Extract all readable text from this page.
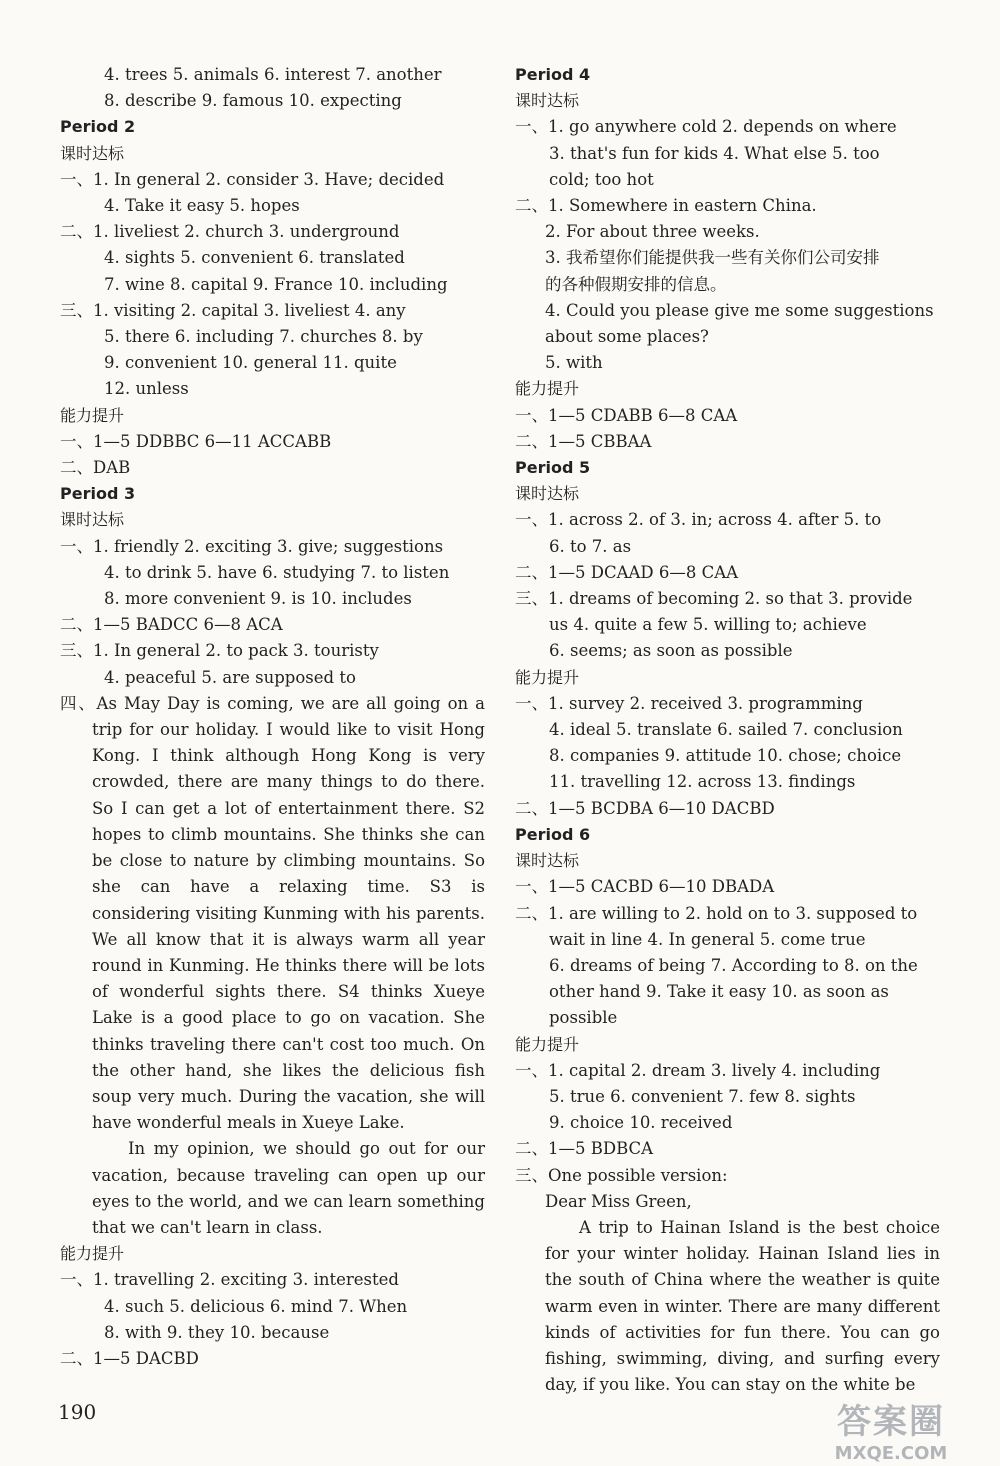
4. trees 5. animals 6. interest 7. another
8. describe 9. famous 10. expecting
Period 2
课时达标
一、1. In general 2. consider 3. Have; decided
4. Take it easy 5. hopes
二、1. liveliest 2. church 3. underground
4. sights 5. convenient 6. translated
7. wine 8. capital 9. France 10. including
三、1. visiting 2. capital 3. liveliest 4. any
5. there 6. including 7. churches 8. by
9. convenient 10. general 11. quite
12. unless
能力提升
一、1—5 DDBBC 6—11 ACCABB
二、DAB
Period 3
课时达标
一、1. friendly 2. exciting 3. give; suggestions
4. to drink 5. have 6. studying 7. to listen
8. more convenient 9. is 10. includes
二、1—5 BADCC 6—8 ACA
三、1. In general 2. to pack 3. touristy
4. peaceful 5. are supposed to
四、As May Day is coming, we are all going on a trip for our holiday. I would like to visit Hong Kong. I think although Hong Kong is very crowded, there are many things to do there. So I can get a lot of entertainment there. S2 hopes to climb mountains. She thinks she can be close to nature by climbing mountains. So she can have a relaxing time. S3 is considering visiting Kunming with his parents. We all know that it is always warm all year round in Kunming. He thinks there will be lots of wonderful sights there. S4 thinks Xueye Lake is a good place to go on vacation. She thinks traveling there can't cost too much. On the other hand, she likes the delicious fish soup very much. During the vacation, she will have wonderful meals in Xueye Lake.
In my opinion, we should go out for our vacation, because traveling can open up our eyes to the world, and we can learn something that we can't learn in class.
能力提升
一、1. travelling 2. exciting 3. interested
4. such 5. delicious 6. mind 7. When
8. with 9. they 10. because
二、1—5 DACBD
Period 4
课时达标
一、1. go anywhere cold 2. depends on where
3. that's fun for kids 4. What else 5. too
cold; too hot
二、1. Somewhere in eastern China.
2. For about three weeks.
3. 我希望你们能提供我一些有关你们公司安排
的各种假期安排的信息。
4. Could you please give me some suggestions
about some places?
5. with
能力提升
一、1—5 CDABB 6—8 CAA
二、1—5 CBBAA
Period 5
课时达标
一、1. across 2. of 3. in; across 4. after 5. to
6. to 7. as
二、1—5 DCAAD 6—8 CAA
三、1. dreams of becoming 2. so that 3. provide
us 4. quite a few 5. willing to; achieve
6. seems; as soon as possible
能力提升
一、1. survey 2. received 3. programming
4. ideal 5. translate 6. sailed 7. conclusion
8. companies 9. attitude 10. chose; choice
11. travelling 12. across 13. findings
二、1—5 BCDBA 6—10 DACBD
Period 6
课时达标
一、1—5 CACBD 6—10 DBADA
二、1. are willing to 2. hold on to 3. supposed to
wait in line 4. In general 5. come true
6. dreams of being 7. According to 8. on the
other hand 9. Take it easy 10. as soon as
possible
能力提升
一、1. capital 2. dream 3. lively 4. including
5. true 6. convenient 7. few 8. sights
9. choice 10. received
二、1—5 BDBCA
三、One possible version:
Dear Miss Green,
A trip to Hainan Island is the best choice for your winter holiday. Hainan Island lies in the south of China where the weather is quite warm even in winter. There are many different kinds of activities for fun there. You can go fishing, swimming, diving, and surfing every day, if you like. You can stay on the white be
190	答案圈
MXQE.COM
